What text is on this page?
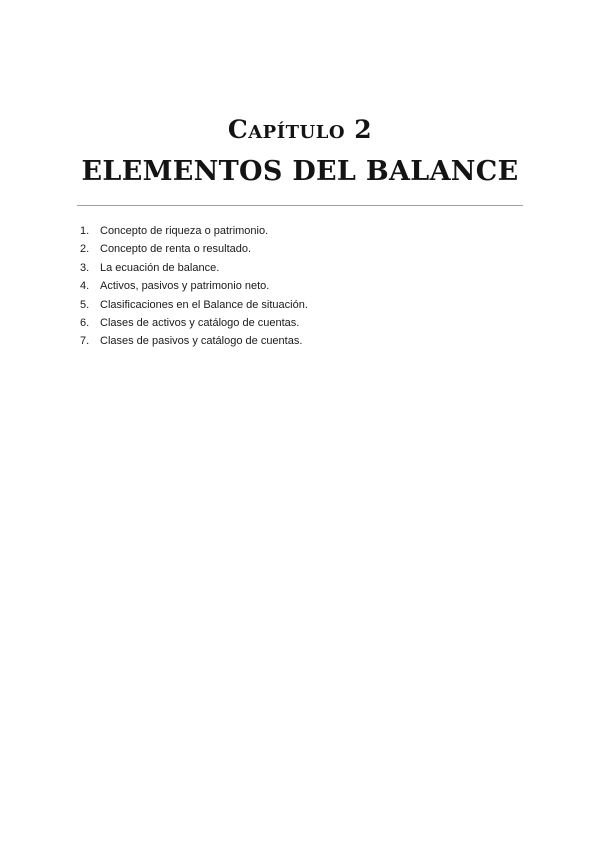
Capítulo 2
ELEMENTOS DEL BALANCE
1. Concepto de riqueza o patrimonio.
2. Concepto de renta o resultado.
3. La ecuación de balance.
4. Activos, pasivos y patrimonio neto.
5. Clasificaciones en el Balance de situación.
6. Clases de activos y catálogo de cuentas.
7. Clases de pasivos y catálogo de cuentas.
